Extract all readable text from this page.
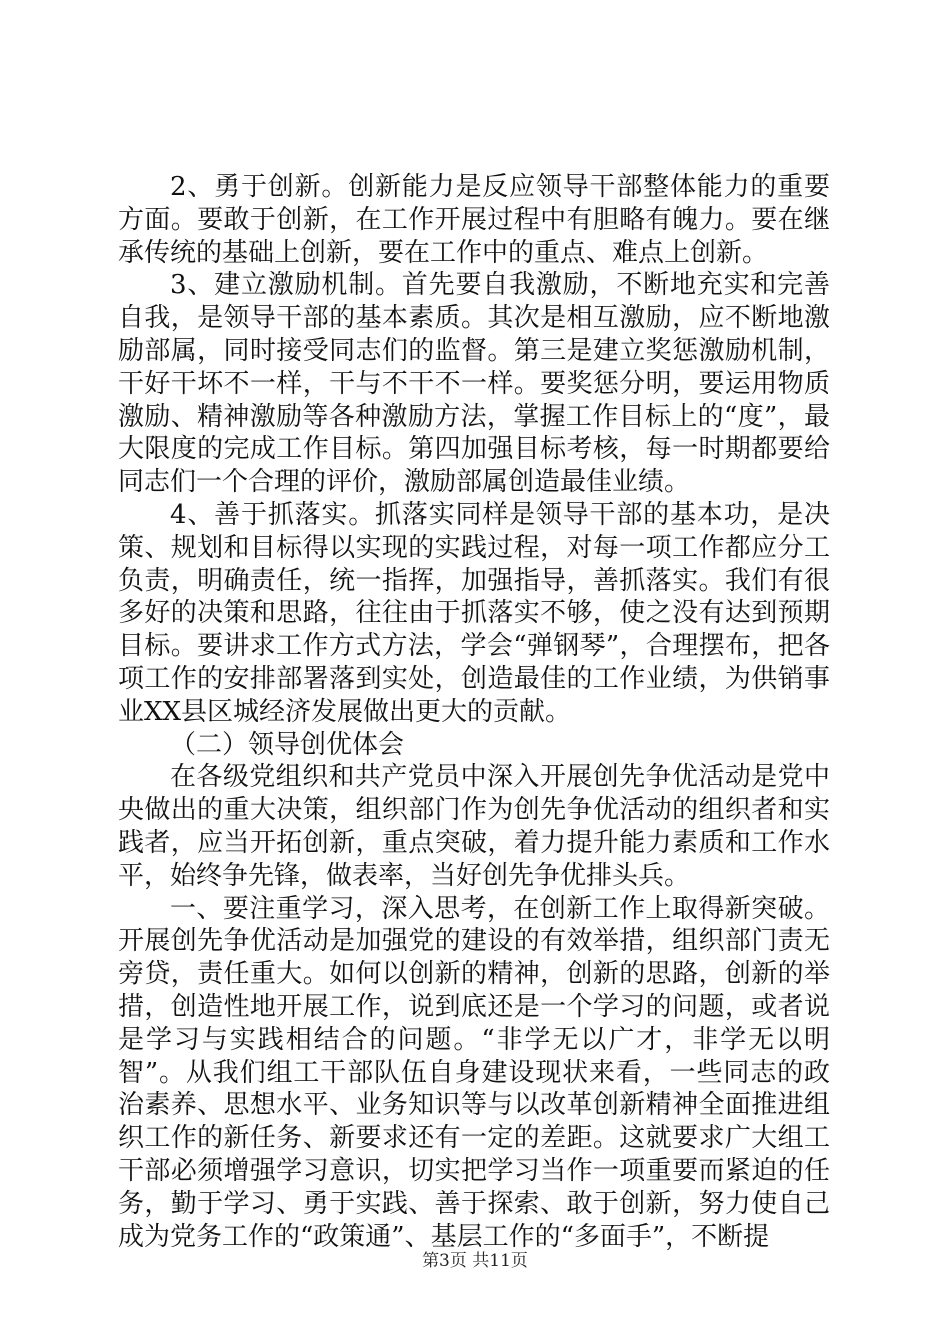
2、勇于创新。创新能力是反应领导干部整体能力的重要方面。要敢于创新，在工作开展过程中有胆略有魄力。要在继承传统的基础上创新，要在工作中的重点、难点上创新。

3、建立激励机制。首先要自我激励，不断地充实和完善自我，是领导干部的基本素质。其次是相互激励，应不断地激励部属，同时接受同志们的监督。第三是建立奖惩激励机制，干好干坏不一样，干与不干不一样。要奖惩分明，要运用物质激励、精神激励等各种激励方法，掌握工作目标上的“度”，最大限度的完成工作目标。第四加强目标考核，每一时期都要给同志们一个合理的评价，激励部属创造最佳业绩。

4、善于抓落实。抓落实同样是领导干部的基本功，是决策、规划和目标得以实现的实践过程，对每一项工作都应分工负责，明确责任，统一指挥，加强指导，善抓落实。我们有很多好的决策和思路，往往由于抓落实不够，使之没有达到预期目标。要讲求工作方式方法，学会“弹钢琴”，合理摆布，把各项工作的安排部署落到实处，创造最佳的工作业绩，为供销事业XX县区城经济发展做出更大的贡献。

（二）领导创优体会

在各级党组织和共产党员中深入开展创先争优活动是党中央做出的重大决策，组织部门作为创先争优活动的组织者和实践者，应当开拓创新，重点突破，着力提升能力素质和工作水平，始终争先锋，做表率，当好创先争优排头兵。

一、要注重学习，深入思考，在创新工作上取得新突破。开展创先争优活动是加强党的建设的有效举措，组织部门责无旁贷，责任重大。如何以创新的精神，创新的思路，创新的举措，创造性地开展工作，说到底还是一个学习的问题，或者说是学习与实践相结合的问题。“非学无以广才，非学无以明智”。从我们组工干部队伍自身建设现状来看，一些同志的政治素养、思想水平、业务知识等与以改革创新精神全面推进组织工作的新任务、新要求还有一定的差距。这就要求广大组工干部必须增强学习意识，切实把学习当作一项重要而紧迫的任务，勤于学习、勇于实践、善于探索、敢于创新，努力使自己成为党务工作的“政策通”、基层工作的“多面手”，不断提

第3页 共11页
